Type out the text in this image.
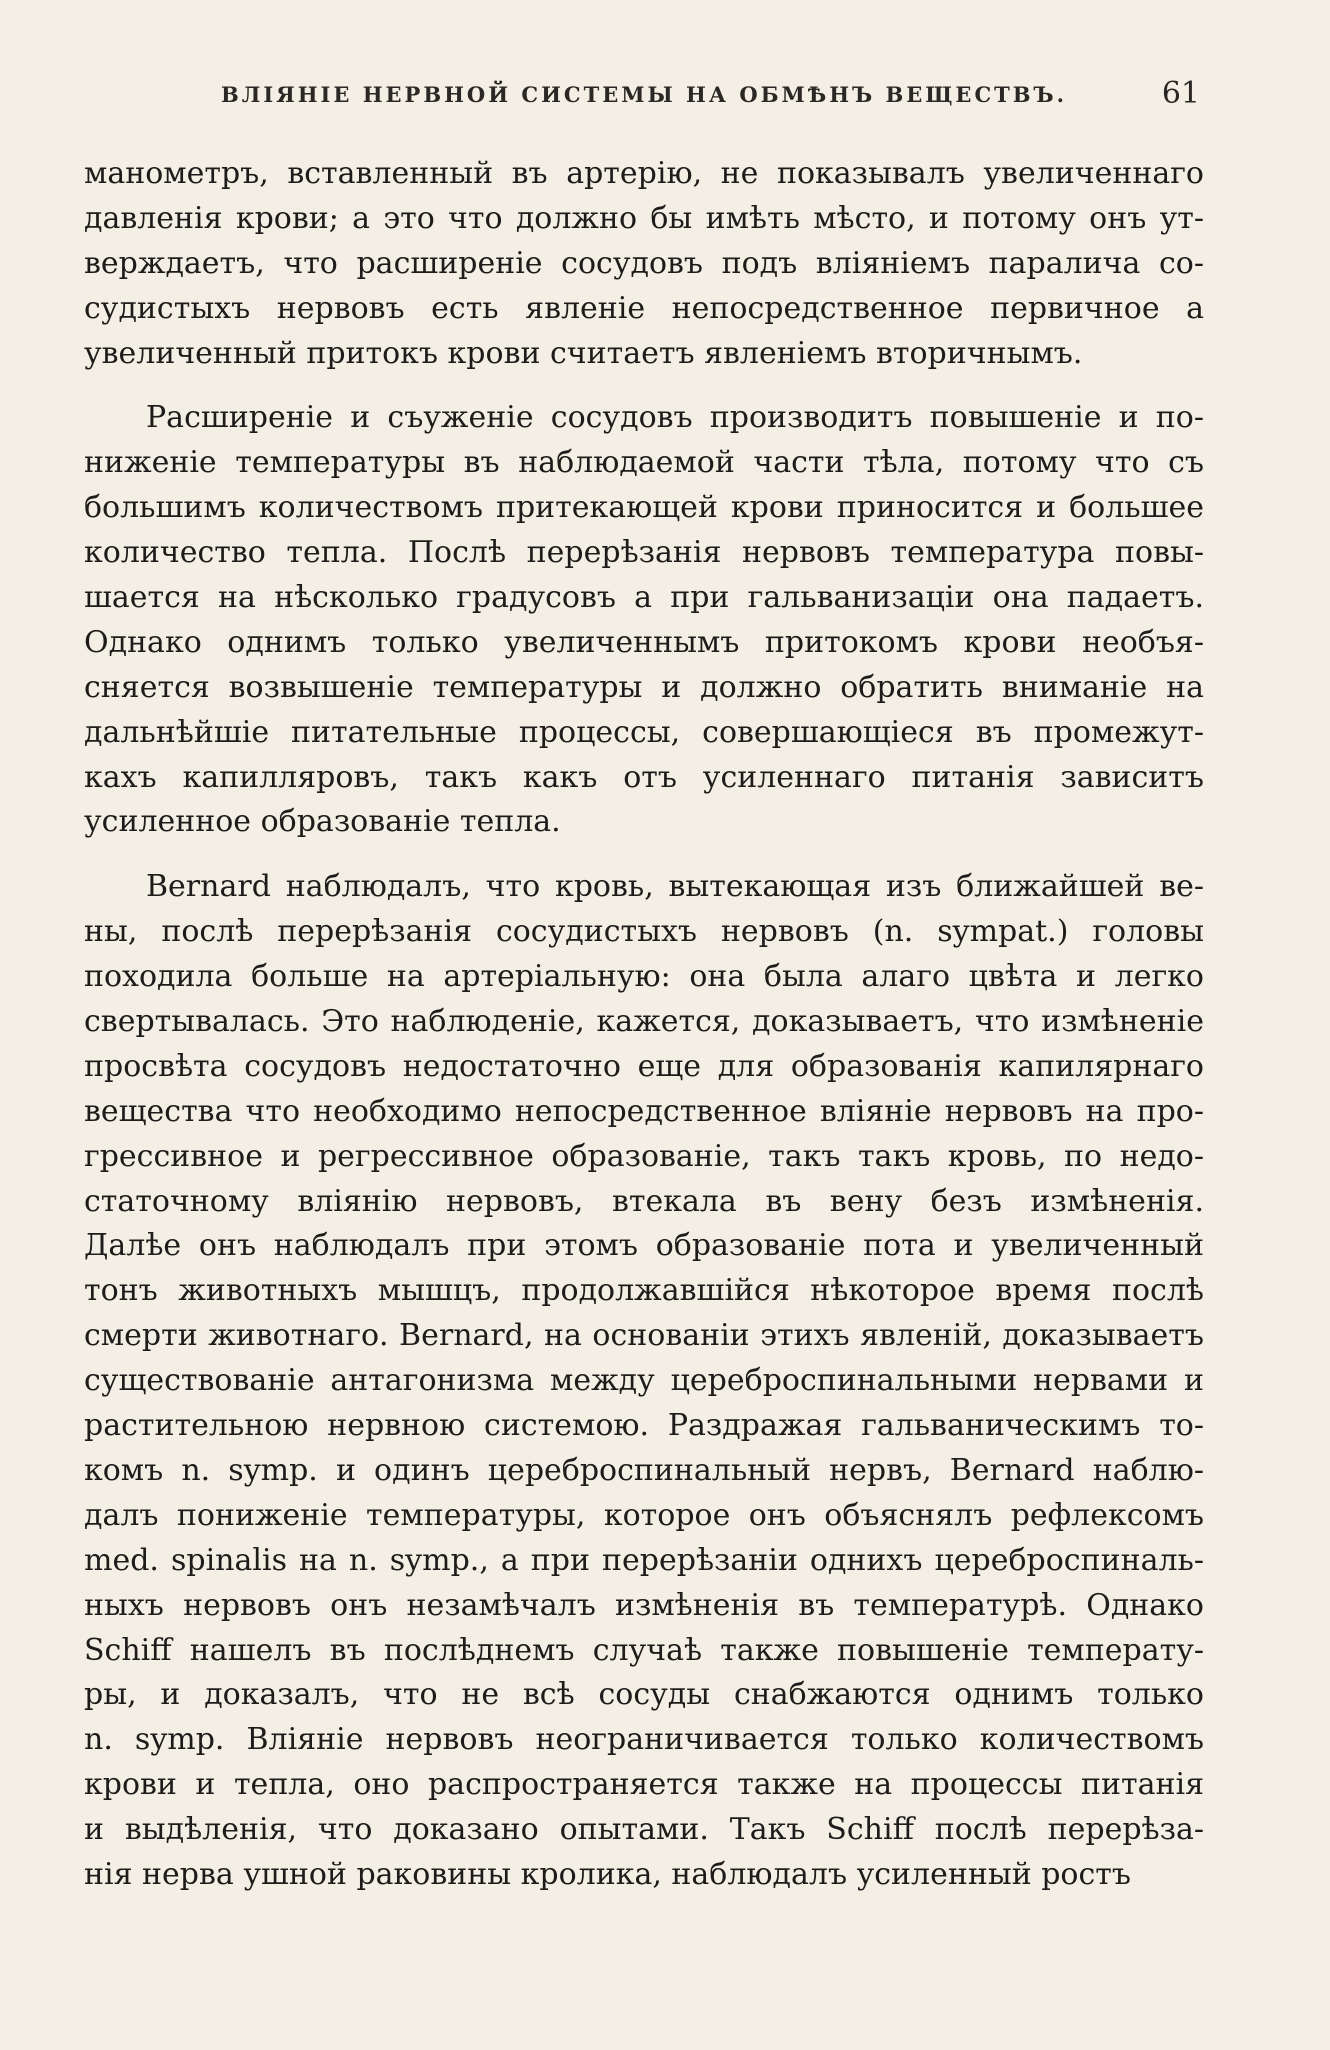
ВЛІЯНІЕ НЕРВНОЙ СИСТЕМЫ НА ОБМѢНЪ ВЕЩЕСТВЪ.	61
манометръ, вставленный въ артерію, не показывалъ увеличеннаго
давленія крови; а это что должно бы имѣть мѣсто, и потому онъ ут-
верждаетъ, что расширеніе сосудовъ подъ вліяніемъ паралича со-
судистыхъ нервовъ есть явленіе непосредственное первичное а
увеличенный притокъ крови считаетъ явленіемъ вторичнымъ.
Расширеніе и съуженіе сосудовъ производитъ повышеніе и по-
ниженіе температуры въ наблюдаемой части тѣла, потому что съ
большимъ количествомъ притекающей крови приносится и большее
количество тепла. Послѣ перерѣзанія нервовъ температура повы-
шается на нѣсколько градусовъ а при гальванизаціи она падаетъ.
Однако однимъ только увеличеннымъ притокомъ крови необъя-
сняется возвышеніе температуры и должно обратить вниманіе на
дальнѣйшіе питательные процессы, совершающіеся въ промежут-
кахъ капилляровъ, такъ какъ отъ усиленнаго питанія зависитъ
усиленное образованіе тепла.
Bernard наблюдалъ, что кровь, вытекающая изъ ближайшей ве-
ны, послѣ перерѣзанія сосудистыхъ нервовъ (n. sympat.) головы
походила больше на артеріальную: она была алаго цвѣта и легко
свертывалась. Это наблюденіе, кажется, доказываетъ, что измѣненіе
просвѣта сосудовъ недостаточно еще для образованія капилярнаго
вещества что необходимо непосредственное вліяніе нервовъ на про-
грессивное и регрессивное образованіе, такъ такъ кровь, по недо-
статочному вліянію нервовъ, втекала въ вену безъ измѣненія.
Далѣе онъ наблюдалъ при этомъ образованіе пота и увеличенный
тонъ животныхъ мышцъ, продолжавшійся нѣкоторое время послѣ
смерти животнаго. Bernard, на основаніи этихъ явленій, доказываетъ
существованіе антагонизма между цереброспинальными нервами и
растительною нервною системою. Раздражая гальваническимъ то-
комъ n. symp. и одинъ цереброспинальный нервъ, Bernard наблю-
далъ пониженіе температуры, которое онъ объяснялъ рефлексомъ
med. spinalis на n. symp., а при перерѣзаніи однихъ цереброспиналь-
ныхъ нервовъ онъ незамѣчалъ измѣненія въ температурѣ. Однако
Schiff нашелъ въ послѣднемъ случаѣ также повышеніе температу-
ры, и доказалъ, что не всѣ сосуды снабжаются однимъ только
n. symp. Вліяніе нервовъ неограничивается только количествомъ
крови и тепла, оно распространяется также на процессы питанія
и выдѣленія, что доказано опытами. Такъ Schiff послѣ перерѣза-
нія нерва ушной раковины кролика, наблюдалъ усиленный ростъ
